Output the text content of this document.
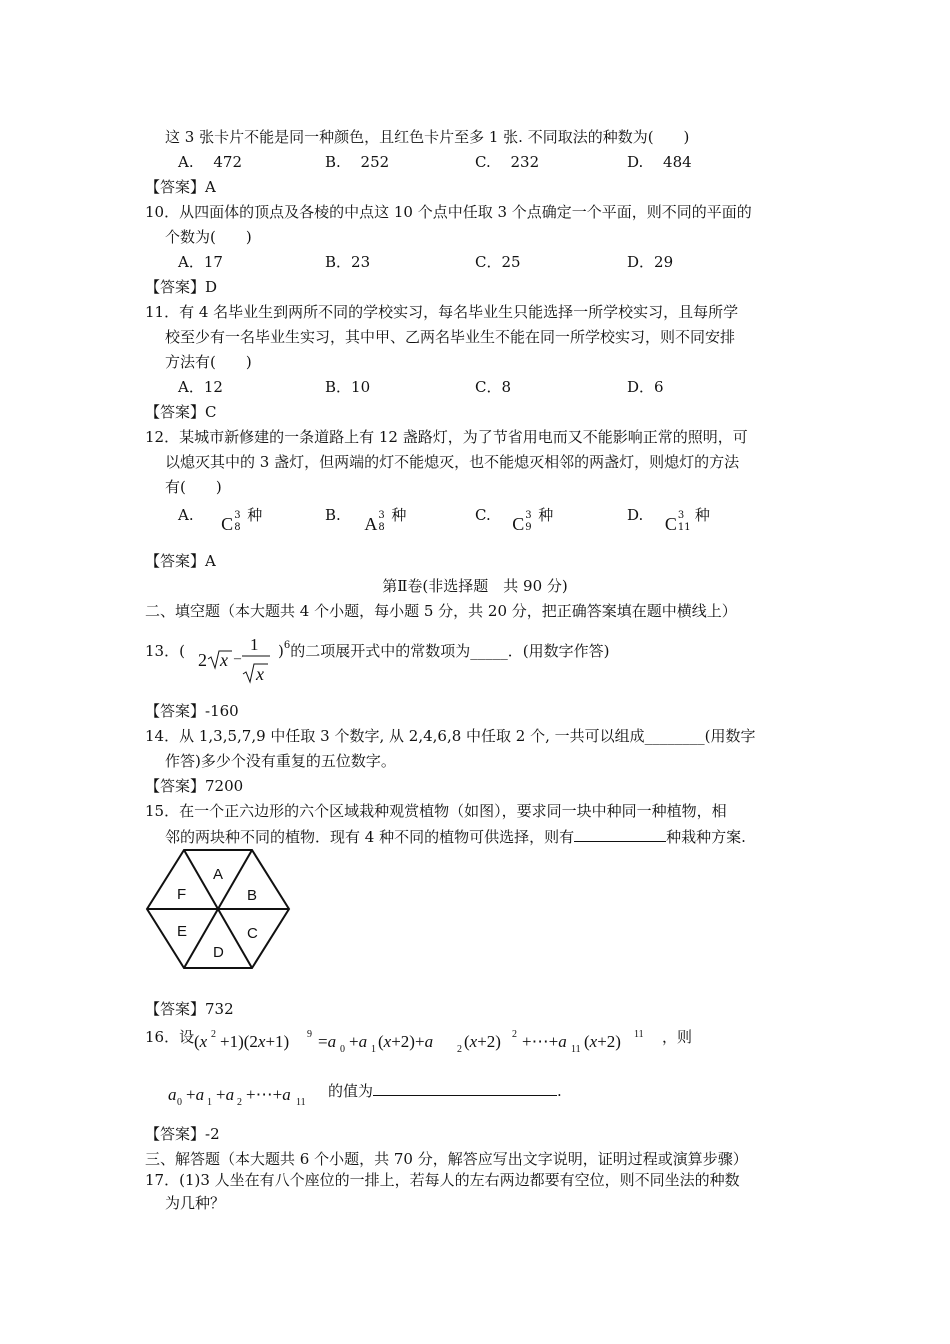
这 3 张卡片不能是同一种颜色，且红色卡片至多 1 张. 不同取法的种数为(　　)
A.　 472	B.　 252	C.　 232	D.　 484
【答案】A
10．从四面体的顶点及各棱的中点这 10 个点中任取 3 个点确定一个平面，则不同的平面的
个数为(　　)
A．17	B．23	C．25	D．29
【答案】D
11．有 4 名毕业生到两所不同的学校实习，每名毕业生只能选择一所学校实习，且每所学
校至少有一名毕业生实习，其中甲、乙两名毕业生不能在同一所学校实习，则不同安排
方法有(　　)
A．12	B．10	C．8	D．6
【答案】C
12．某城市新修建的一条道路上有 12 盏路灯，为了节省用电而又不能影响正常的照明，可
以熄灭其中的 3 盏灯，但两端的灯不能熄灭，也不能熄灭相邻的两盏灯，则熄灯的方法
有(　　)
A. C 3
8
种	B. A 3
8
种	C. C 3
9
种	D. C 3
11
种
【答案】A
第Ⅱ卷(非选择题　共 90 分)
二、填空题（本大题共 4 个小题，每小题 5 分，共 20 分，把正确答案填在题中横线上）
13．( 2 x –
1
x
)$^6$的二项展开式中的常数项为_____．(用数字作答)
【答案】-160
14．从 1,3,5,7,9 中任取 3 个数字, 从 2,4,6,8 中任取 2 个, 一共可以组成________(用数字
作答)多少个没有重复的五位数字。
【答案】7200
15．在一个正六边形的六个区域栽种观赏植物（如图），要求同一块中种同一种植物，相
邻的两块种不同的植物．现有 4 种不同的植物可供选择，则有	种栽种方案.
A
B
C
D
E
F
【答案】732
16．设 (x 2 +1)(2x+1) 9 =a 0 +a 1 (x+2)+a 2 (x+2) 2 +⋯+a 11 (x+2) 11 ，则
a 0 +a 1 +a 2 +⋯+a 11
的值为	.
【答案】-2
三、解答题（本大题共 6 个小题，共 70 分，解答应写出文字说明，证明过程或演算步骤）
17．(1)3 人坐在有八个座位的一排上，若每人的左右两边都要有空位，则不同坐法的种数
为几种？
